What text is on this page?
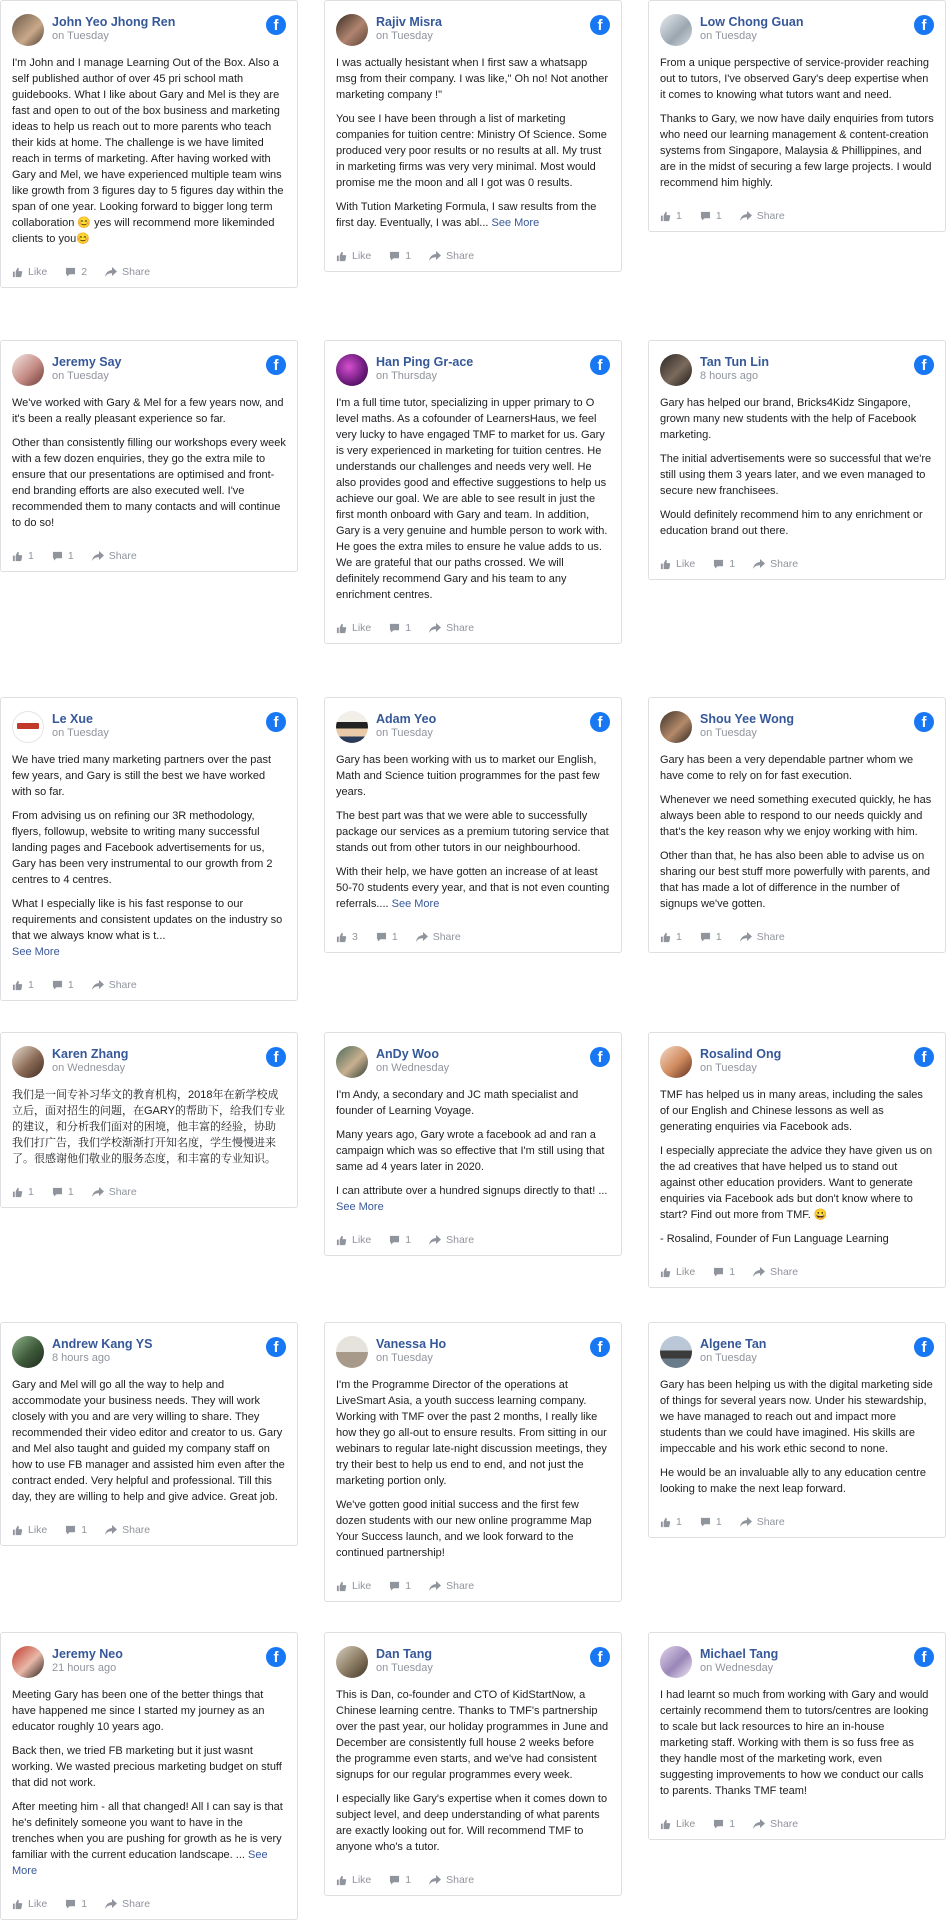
John Yeo Jhong Ren
on Tuesday
f

I'm John and I manage Learning Out of the Box. Also a self published author of over 45 pri school math guidebooks. What I like about Gary and Mel is they are fast and open to out of the box business and marketing ideas to help us reach out to more parents who teach their kids at home. The challenge is we have limited reach in terms of marketing. After having worked with Gary and Mel, we have experienced multiple team wins like growth from 3 figures day to 5 figures day within the span of one year. Looking forward to bigger long term collaboration 😊 yes will recommend more likeminded clients to you😊

Like	2	Share
Rajiv Misra
on Tuesday
f

I was actually hesistant when I first saw a whatsapp msg from their company. I was like," Oh no! Not another marketing company !"

You see I have been through a list of marketing companies for tuition centre: Ministry Of Science. Some produced very poor results or no results at all. My trust in marketing firms was very very minimal. Most would promise me the moon and all I got was 0 results.

With Tution Marketing Formula, I saw results from the first day. Eventually, I was abl... See More

Like	1	Share
Low Chong Guan
on Tuesday
f

From a unique perspective of service-provider reaching out to tutors, I've observed Gary's deep expertise when it comes to knowing what tutors want and need.

Thanks to Gary, we now have daily enquiries from tutors who need our learning management & content-creation systems from Singapore, Malaysia & Phillippines, and are in the midst of securing a few large projects. I would recommend him highly.

1	1	Share
Jeremy Say
on Tuesday
f

We've worked with Gary & Mel for a few years now, and it's been a really pleasant experience so far.

Other than consistently filling our workshops every week with a few dozen enquiries, they go the extra mile to ensure that our presentations are optimised and front-end branding efforts are also executed well. I've recommended them to many contacts and will continue to do so!

1	1	Share
Han Ping Gr-ace
on Thursday
f

I'm a full time tutor, specializing in upper primary to O level maths. As a cofounder of LearnersHaus, we feel very lucky to have engaged TMF to market for us. Gary is very experienced in marketing for tuition centres. He understands our challenges and needs very well. He also provides good and effective suggestions to help us achieve our goal. We are able to see result in just the first month onboard with Gary and team. In addition, Gary is a very genuine and humble person to work with. He goes the extra miles to ensure he value adds to us. We are grateful that our paths crossed. We will definitely recommend Gary and his team to any enrichment centres.

Like	1	Share
Tan Tun Lin
8 hours ago
f

Gary has helped our brand, Bricks4Kidz Singapore, grown many new students with the help of Facebook marketing.

The initial advertisements were so successful that we're still using them 3 years later, and we even managed to secure new franchisees.

Would definitely recommend him to any enrichment or education brand out there.

Like	1	Share
Le Xue
on Tuesday
f

We have tried many marketing partners over the past few years, and Gary is still the best we have worked with so far.

From advising us on refining our 3R methodology, flyers, followup, website to writing many successful landing pages and Facebook advertisements for us, Gary has been very instrumental to our growth from 2 centres to 4 centres.

What I especially like is his fast response to our requirements and consistent updates on the industry so that we always know what is t...
See More

1	1	Share
Adam Yeo
on Tuesday
f

Gary has been working with us to market our English, Math and Science tuition programmes for the past few years.

The best part was that we were able to successfully package our services as a premium tutoring service that stands out from other tutors in our neighbourhood.

With their help, we have gotten an increase of at least 50-70 students every year, and that is not even counting referrals.... See More

3	1	Share
Shou Yee Wong
on Tuesday
f

Gary has been a very dependable partner whom we have come to rely on for fast execution.

Whenever we need something executed quickly, he has always been able to respond to our needs quickly and that's the key reason why we enjoy working with him.

Other than that, he has also been able to advise us on sharing our best stuff more powerfully with parents, and that has made a lot of difference in the number of signups we've gotten.

1	1	Share
Karen Zhang
on Wednesday
f

我们是一间专补习华文的教育机构，2018年在新学校成立后，面对招生的问题，在GARY的帮助下，给我们专业的建议，和分析我们面对的困境，他丰富的经验，协助我们打广告，我们学校渐渐打开知名度，学生慢慢进来了。很感谢他们敬业的服务态度，和丰富的专业知识。

1	1	Share
AnDy Woo
on Wednesday
f

I'm Andy, a secondary and JC math specialist and founder of Learning Voyage.

Many years ago, Gary wrote a facebook ad and ran a campaign which was so effective that I'm still using that same ad 4 years later in 2020.

I can attribute over a hundred signups directly to that! ... See More

Like	1	Share
Rosalind Ong
on Tuesday
f

TMF has helped us in many areas, including the sales of our English and Chinese lessons as well as generating enquiries via Facebook ads.

I especially appreciate the advice they have given us on the ad creatives that have helped us to stand out against other education providers. Want to generate enquiries via Facebook ads but don't know where to start? Find out more from TMF. 😀

- Rosalind, Founder of Fun Language Learning

Like	1	Share
Andrew Kang YS
8 hours ago
f

Gary and Mel will go all the way to help and accommodate your business needs. They will work closely with you and are very willing to share. They recommended their video editor and creator to us. Gary and Mel also taught and guided my company staff on how to use FB manager and assisted him even after the contract ended. Very helpful and professional. Till this day, they are willing to help and give advice. Great job.

Like	1	Share
Vanessa Ho
on Tuesday
f

I'm the Programme Director of the operations at LiveSmart Asia, a youth success learning company. Working with TMF over the past 2 months, I really like how they go all-out to ensure results. From sitting in our webinars to regular late-night discussion meetings, they try their best to help us end to end, and not just the marketing portion only.

We've gotten good initial success and the first few dozen students with our new online programme Map Your Success launch, and we look forward to the continued partnership!

Like	1	Share
Algene Tan
on Tuesday
f

Gary has been helping us with the digital marketing side of things for several years now. Under his stewardship, we have managed to reach out and impact more students than we could have imagined. His skills are impeccable and his work ethic second to none.

He would be an invaluable ally to any education centre looking to make the next leap forward.

1	1	Share
Jeremy Neo
21 hours ago
f

Meeting Gary has been one of the better things that have happened me since I started my journey as an educator roughly 10 years ago.

Back then, we tried FB marketing but it just wasnt working. We wasted precious marketing budget on stuff that did not work.

After meeting him - all that changed! All I can say is that he's definitely someone you want to have in the trenches when you are pushing for growth as he is very familiar with the current education landscape. ... See More

Like	1	Share
Dan Tang
on Tuesday
f

This is Dan, co-founder and CTO of KidStartNow, a Chinese learning centre. Thanks to TMF's partnership over the past year, our holiday programmes in June and December are consistently full house 2 weeks before the programme even starts, and we've had consistent signups for our regular programmes every week.

I especially like Gary's expertise when it comes down to subject level, and deep understanding of what parents are exactly looking out for. Will recommend TMF to anyone who's a tutor.

Like	1	Share
Michael Tang
on Wednesday
f

I had learnt so much from working with Gary and would certainly recommend them to tutors/centres are looking to scale but lack resources to hire an in-house marketing staff. Working with them is so fuss free as they handle most of the marketing work, even suggesting improvements to how we conduct our calls to parents. Thanks TMF team!

Like	1	Share
